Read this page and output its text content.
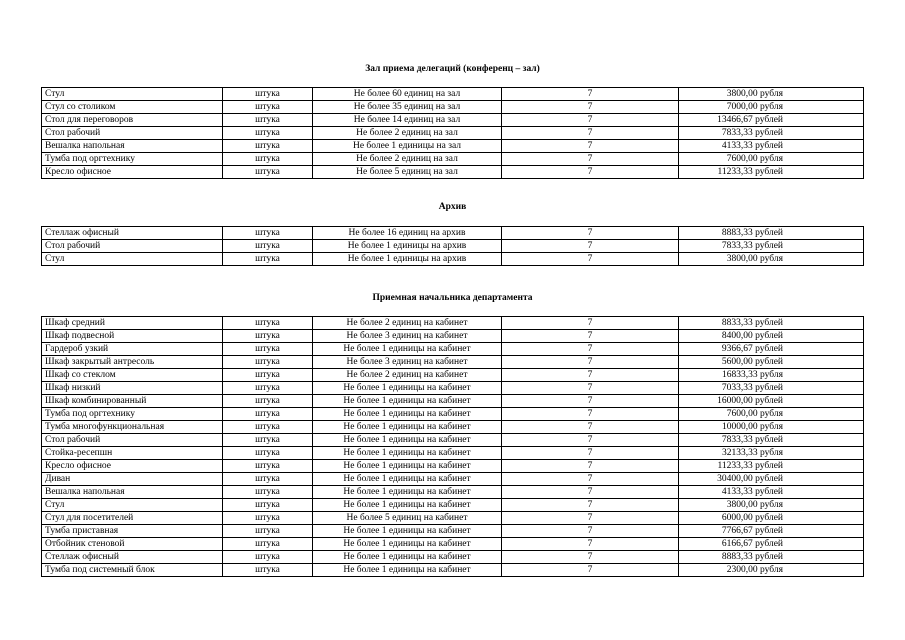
Зал приема делегаций (конференц – зал)
Стул	штука	Не более 60 единиц на зал	7	3800,00 рубля
Стул со столиком	штука	Не более 35 единиц на зал	7	7000,00 рубля
Стол для переговоров	штука	Не более 14 единиц на зал	7	13466,67 рублей
Стол рабочий	штука	Не более 2 единиц на зал	7	7833,33 рублей
Вешалка напольная	штука	Не более 1 единицы на зал	7	4133,33 рублей
Тумба под оргтехнику	штука	Не более 2 единиц на зал	7	7600,00 рубля
Кресло офисное	штука	Не более 5 единиц на зал	7	11233,33 рублей
Архив
Стеллаж офисный	штука	Не более 16 единиц на архив	7	8883,33 рублей
Стол рабочий	штука	Не более 1 единицы на архив	7	7833,33 рублей
Стул	штука	Не более 1 единицы на архив	7	3800,00 рубля
Приемная начальника департамента
Шкаф средний	штука	Не более 2 единиц на кабинет	7	8833,33 рублей
Шкаф подвесной	штука	Не более 3 единиц на кабинет	7	8400,00 рублей
Гардероб узкий	штука	Не более 1 единицы на кабинет	7	9366,67 рублей
Шкаф закрытый антресоль	штука	Не более 3 единиц на кабинет	7	5600,00 рублей
Шкаф со стеклом	штука	Не более 2 единиц на кабинет	7	16833,33 рубля
Шкаф низкий	штука	Не более 1 единицы на кабинет	7	7033,33 рублей
Шкаф комбинированный	штука	Не более 1 единицы на кабинет	7	16000,00 рублей
Тумба под оргтехнику	штука	Не более 1 единицы на кабинет	7	7600,00 рубля
Тумба многофункциональная	штука	Не более 1 единицы на кабинет	7	10000,00 рубля
Стол рабочий	штука	Не более 1 единицы на кабинет	7	7833,33 рублей
Стойка-ресепшн	штука	Не более 1 единицы на кабинет	7	32133,33 рубля
Кресло офисное	штука	Не более 1 единицы на кабинет	7	11233,33 рублей
Диван	штука	Не более 1 единицы на кабинет	7	30400,00 рублей
Вешалка напольная	штука	Не более 1 единицы на кабинет	7	4133,33 рублей
Стул	штука	Не более 1 единицы на кабинет	7	3800,00 рубля
Стул для посетителей	штука	Не более 5 единиц на кабинет	7	6000,00 рублей
Тумба приставная	штука	Не более 1 единицы на кабинет	7	7766,67 рублей
Отбойник стеновой	штука	Не более 1 единицы на кабинет	7	6166,67 рублей
Стеллаж офисный	штука	Не более 1 единицы на кабинет	7	8883,33 рублей
Тумба под системный блок	штука	Не более 1 единицы на кабинет	7	2300,00 рубля
